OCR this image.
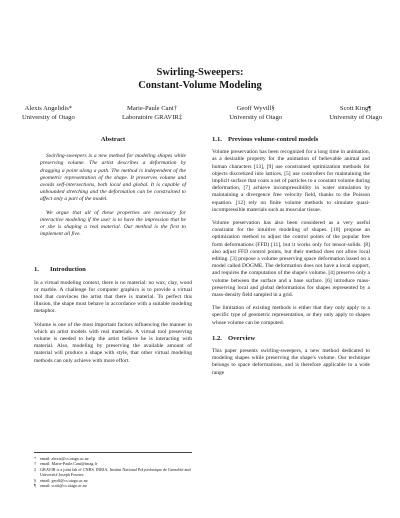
Swirling-Sweepers:
Constant-Volume Modeling
Alexis Angelidis*
University of Otago
Marie-Paule Cani†
Laboratoire GRAVIR‡
Geoff Wyvill§
University of Otago
Scott King¶
University of Otago
Abstract

Swirling-sweepers is a new method for modeling shapes while preserving volume. The artist describes a deformation by dragging a point along a path. The method is independent of the geometric representation of the shape. It preserves volume and avoids self-intersections, both local and global. It is capable of unbounded stretching and the deformation can be constrained to affect only a part of the model.

We argue that all of these properties are necessary for interactive modeling if the user is to have the impression that he or she is shaping a real material. Our method is the first to implement all five.

1. Introduction

In a virtual modeling context, there is no material: no wax, clay, wood or marble. A challenge for computer graphics is to provide a virtual tool that convinces the artist that there is material. To perfect this illusion, the shape must behave in accordance with a suitable modeling metaphor.

Volume is one of the most important factors influencing the manner in which an artist models with real materials. A virtual tool preserving volume is needed to help the artist believe he is interacting with material. Also, modeling by preserving the available amount of material will produce a shape with style, that other virtual modeling methods can only achieve with more effort.

* email: alexis@cs.otago.ac.nz
† email: Marie-Paule.Cani@imag.fr
‡ GRAVIR is a joint lab of CNRS, INRIA, Institut National Polytechnique de Grenoble and Université Joseph Fourier.
§ email: geoff@cs.otago.ac.nz
¶ email: scott@cs.otago.ac.nz
1.1. Previous volume-control models

Volume preservation has been recognized for a long time in animation, as a desirable property for the animation of believable animal and human characters [13], [9] use constrained optimization methods for objects discretized into lattices, [5] use controllers for maintaining the implicit surface that coats a set of particles to a constant volume during deformation, [7] achieve incompressibility in water simulation by maintaining a divergence free velocity field, thanks to the Poisson equation. [12] rely on finite volume methods to simulate quasi-incompressible materials such as muscular tissue.

Volume preservation has also been considered as a very useful constraint for the intuitive modeling of shapes. [10] propose an optimization method to adjust the control points of the popular free form deformations (FFD) [11], but it works only for tensor-solids. [8] also adjust FFD control points, but their method does not allow local editing. [3] propose a volume preserving space deformation based on a model called DOGME. The deformation does not have a local support, and requires the computation of the shape's volume. [4] preserve only a volume between the surface and a base surface. [6] introduce mass-preserving local and global deformations for shapes represented by a mass-density field sampled in a grid.

The limitation of existing methods is either that they only apply to a specific type of geometric representation, or they only apply to shapes whose volume can be computed.

1.2. Overview

This paper presents swirling-sweepers, a new method dedicated to modeling shapes while preserving the shape's volume. Our technique belongs to space deformations, and is therefore applicable to a wide range
